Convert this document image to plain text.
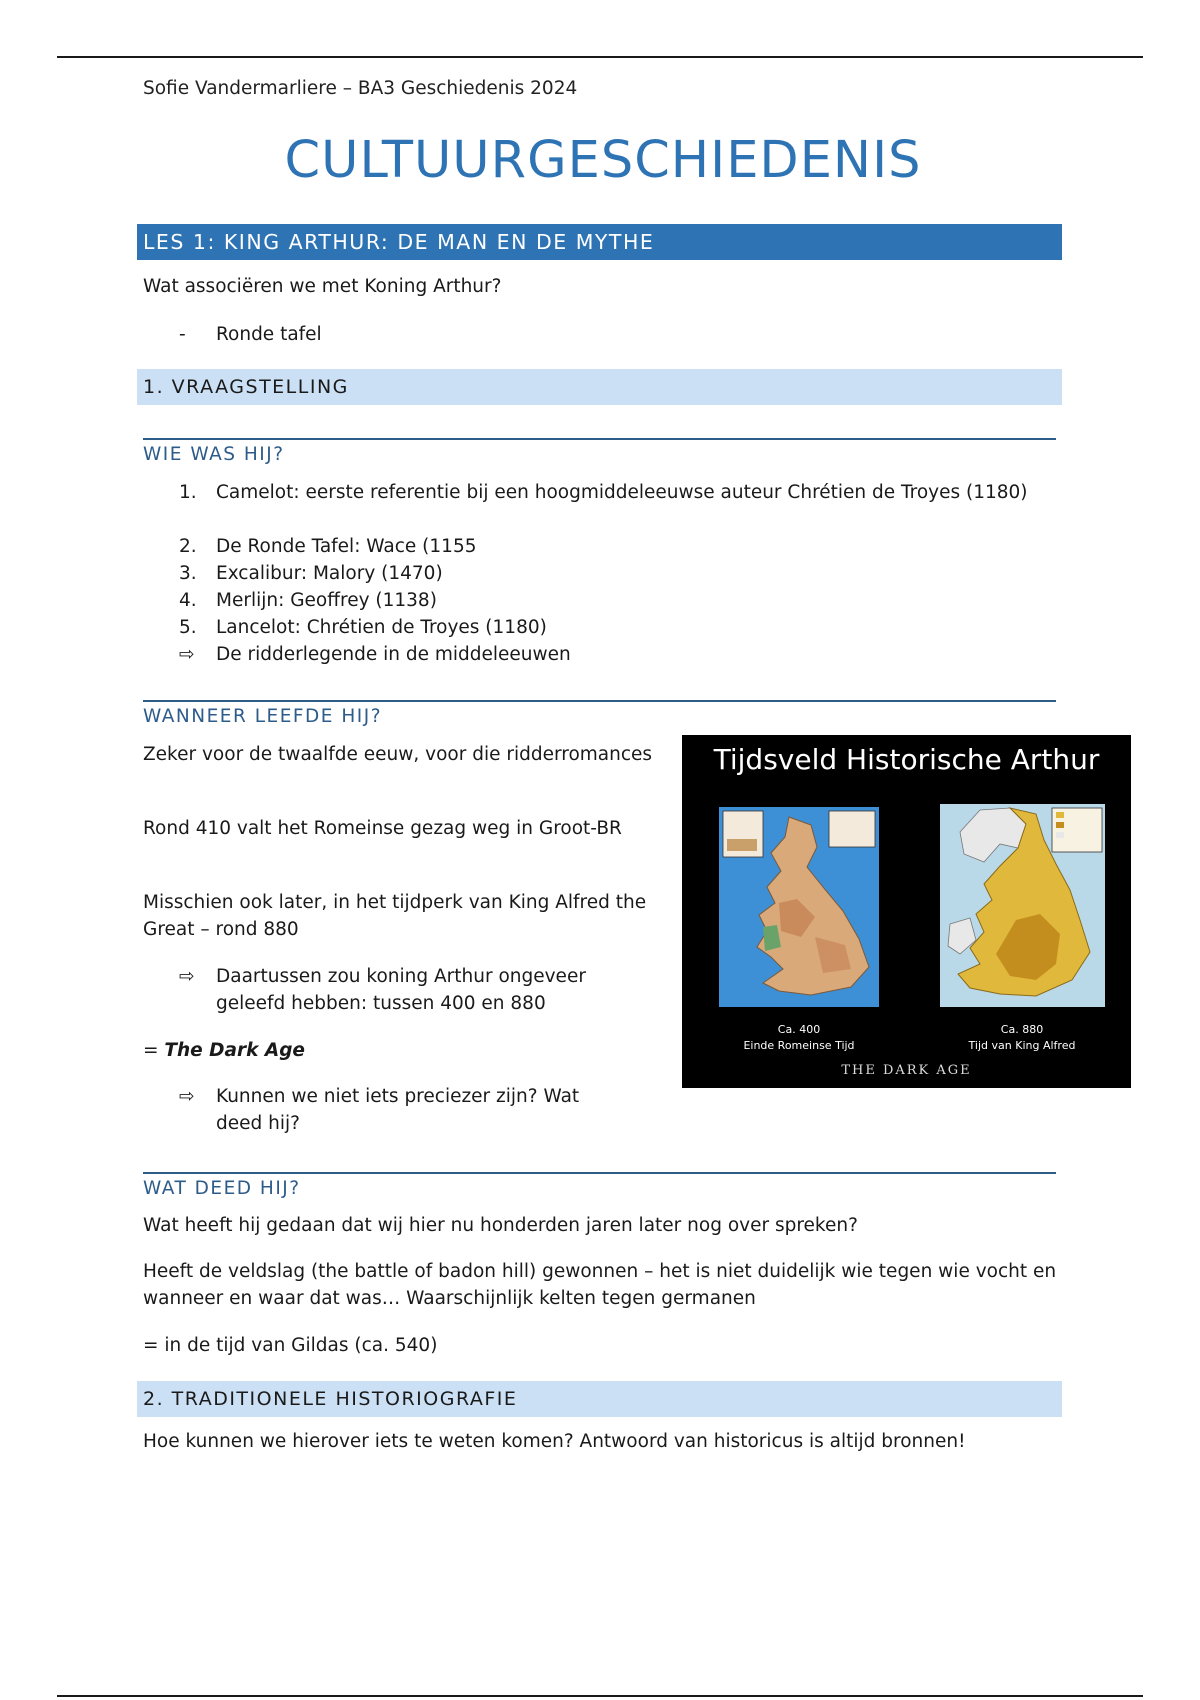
Sofie Vandermarliere – BA3 Geschiedenis 2024
CULTUURGESCHIEDENIS
LES 1: KING ARTHUR: DE MAN EN DE MYTHE
Wat associëren we met Koning Arthur?
-	Ronde tafel
1. VRAAGSTELLING
WIE WAS HIJ?
1.	Camelot: eerste referentie bij een hoogmiddeleeuwse auteur Chrétien de Troyes (1180)
2.	De Ronde Tafel: Wace (1155
3.	Excalibur: Malory (1470)
4.	Merlijn: Geoffrey (1138)
5.	Lancelot: Chrétien de Troyes (1180)
⇨	De ridderlegende in de middeleeuwen
WANNEER LEEFDE HIJ?
Zeker voor de twaalfde eeuw, voor die ridderromances
Rond 410 valt het Romeinse gezag weg in Groot-BR
Misschien ook later, in het tijdperk van King Alfred the Great – rond 880
⇨	Daartussen zou koning Arthur ongeveer geleefd hebben: tussen 400 en 880
= The Dark Age
⇨	Kunnen we niet iets preciezer zijn? Wat deed hij?
Tijdsveld Historische Arthur
Ca. 400
Einde Romeinse Tijd
Ca. 880
Tijd van King Alfred
THE DARK AGE
WAT DEED HIJ?
Wat heeft hij gedaan dat wij hier nu honderden jaren later nog over spreken?
Heeft de veldslag (the battle of badon hill) gewonnen – het is niet duidelijk wie tegen wie vocht en wanneer en waar dat was… Waarschijnlijk kelten tegen germanen
= in de tijd van Gildas (ca. 540)
2. TRADITIONELE HISTORIOGRAFIE
Hoe kunnen we hierover iets te weten komen? Antwoord van historicus is altijd bronnen!
